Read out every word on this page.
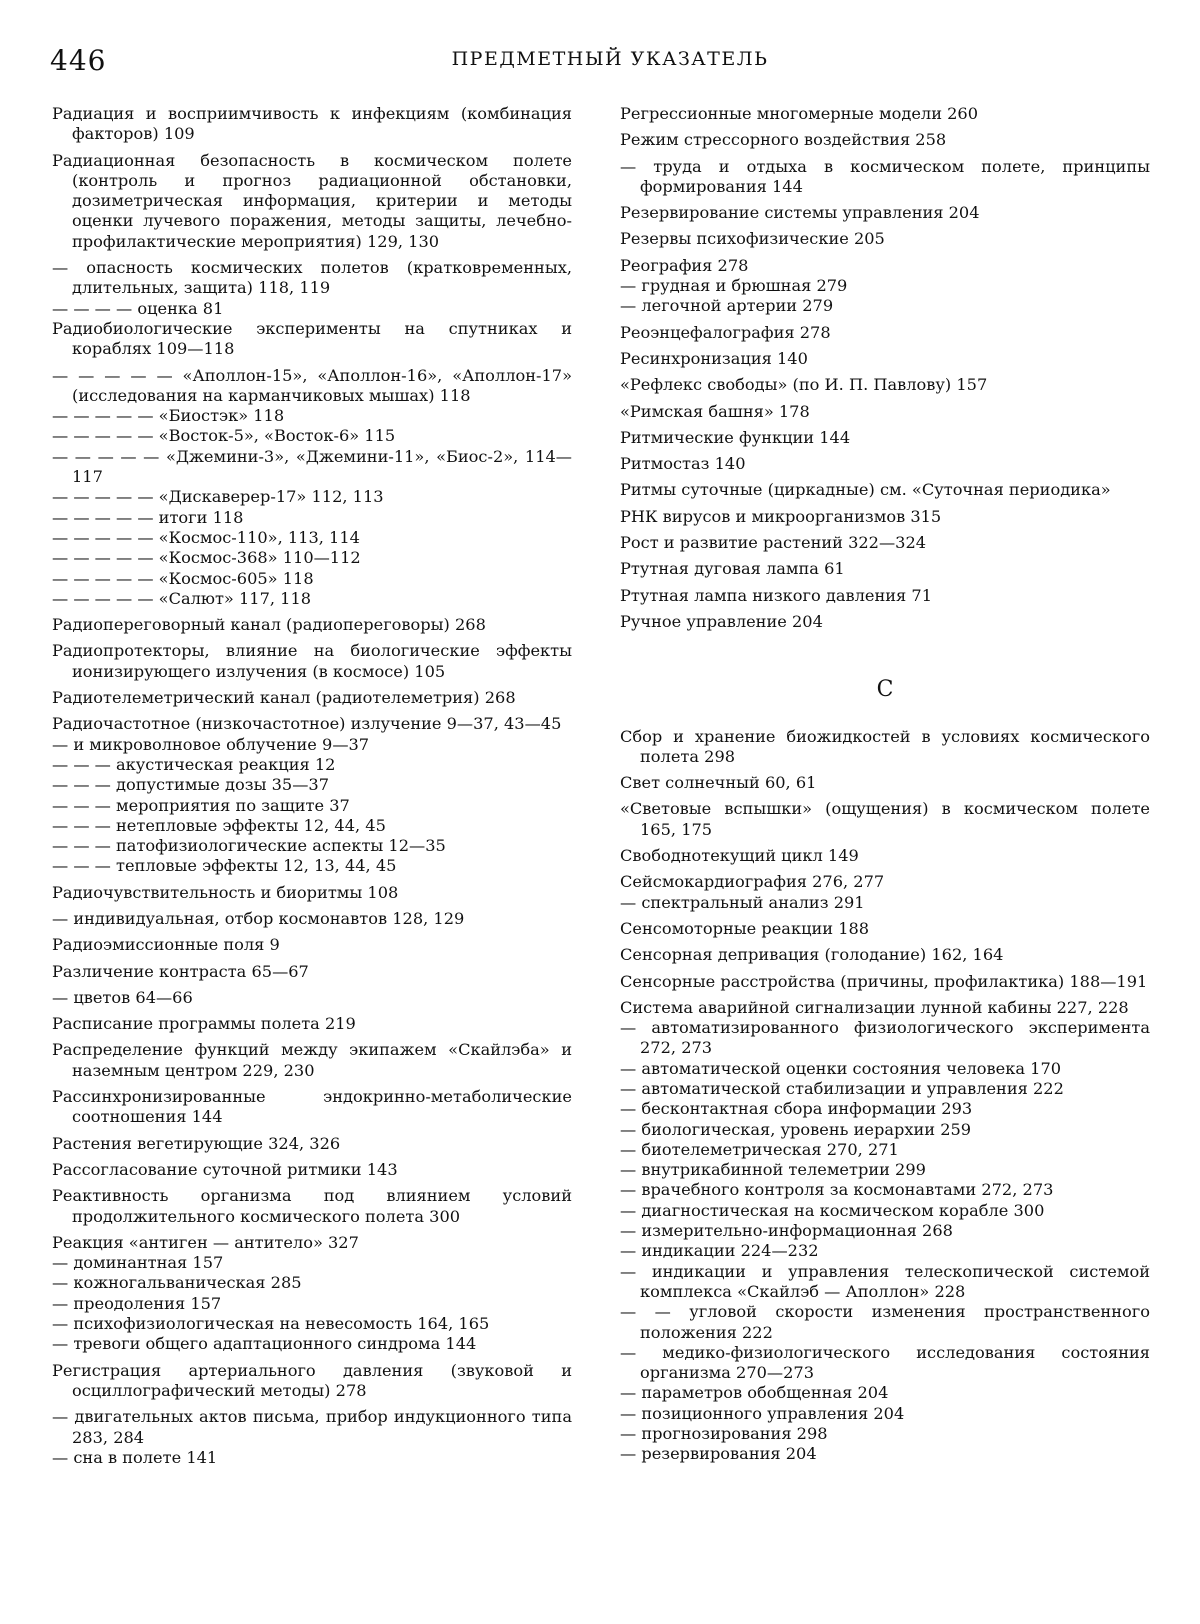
446	ПРЕДМЕТНЫЙ УКАЗАТЕЛЬ
Радиация и восприимчивость к инфекциям (комбинация факторов) 109
Радиационная безопасность в космическом полете (контроль и прогноз радиационной обстановки, дозиметрическая информация, критерии и методы оценки лучевого поражения, методы защиты, лечебно-профилактические мероприятия) 129, 130
— опасность космических полетов (кратковременных, длительных, защита) 118, 119
— — — — оценка 81
Радиобиологические эксперименты на спутниках и кораблях 109—118
— — — — — «Аполлон-15», «Аполлон-16», «Аполлон-17» (исследования на карманчиковых мышах) 118
— — — — — «Биостэк» 118
— — — — — «Восток-5», «Восток-6» 115
— — — — — «Джемини-3», «Джемини-11», «Биос-2», 114—117
— — — — — «Дискаверер-17» 112, 113
— — — — — итоги 118
— — — — — «Космос-110», 113, 114
— — — — — «Космос-368» 110—112
— — — — — «Космос-605» 118
— — — — — «Салют» 117, 118
Радиопереговорный канал (радиопереговоры) 268
Радиопротекторы, влияние на биологические эффекты ионизирующего излучения (в космосе) 105
Радиотелеметрический канал (радиотелеметрия) 268
Радиочастотное (низкочастотное) излучение 9—37, 43—45
— и микроволновое облучение 9—37
— — — акустическая реакция 12
— — — допустимые дозы 35—37
— — — мероприятия по защите 37
— — — нетепловые эффекты 12, 44, 45
— — — патофизиологические аспекты 12—35
— — — тепловые эффекты 12, 13, 44, 45
Радиочувствительность и биоритмы 108
— индивидуальная, отбор космонавтов 128, 129
Радиоэмиссионные поля 9
Различение контраста 65—67
— цветов 64—66
Расписание программы полета 219
Распределение функций между экипажем «Скайлэба» и наземным центром 229, 230
Рассинхронизированные эндокринно-метаболические соотношения 144
Растения вегетирующие 324, 326
Рассогласование суточной ритмики 143
Реактивность организма под влиянием условий продолжительного космического полета 300
Реакция «антиген — антитело» 327
— доминантная 157
— кожногальваническая 285
— преодоления 157
— психофизиологическая на невесомость 164, 165
— тревоги общего адаптационного синдрома 144
Регистрация артериального давления (звуковой и осциллографический методы) 278
— двигательных актов письма, прибор индукционного типа 283, 284
— сна в полете 141
Регрессионные многомерные модели 260
Режим стрессорного воздействия 258
— труда и отдыха в космическом полете, принципы формирования 144
Резервирование системы управления 204
Резервы психофизические 205
Реография 278
— грудная и брюшная 279
— легочной артерии 279
Реоэнцефалография 278
Ресинхронизация 140
«Рефлекс свободы» (по И. П. Павлову) 157
«Римская башня» 178
Ритмические функции 144
Ритмостаз 140
Ритмы суточные (циркадные) см. «Суточная периодика»
РНК вирусов и микроорганизмов 315
Рост и развитие растений 322—324
Ртутная дуговая лампа 61
Ртутная лампа низкого давления 71
Ручное управление 204
С
Сбор и хранение биожидкостей в условиях космического полета 298
Свет солнечный 60, 61
«Световые вспышки» (ощущения) в космическом полете 165, 175
Свободнотекущий цикл 149
Сейсмокардиография 276, 277
— спектральный анализ 291
Сенсомоторные реакции 188
Сенсорная депривация (голодание) 162, 164
Сенсорные расстройства (причины, профилактика) 188—191
Система аварийной сигнализации лунной кабины 227, 228
— автоматизированного физиологического эксперимента 272, 273
— автоматической оценки состояния человека 170
— автоматической стабилизации и управления 222
— бесконтактная сбора информации 293
— биологическая, уровень иерархии 259
— биотелеметрическая 270, 271
— внутрикабинной телеметрии 299
— врачебного контроля за космонавтами 272, 273
— диагностическая на космическом корабле 300
— измерительно-информационная 268
— индикации 224—232
— индикации и управления телескопической системой комплекса «Скайлэб — Аполлон» 228
— — угловой скорости изменения пространственного положения 222
— медико-физиологического исследования состояния организма 270—273
— параметров обобщенная 204
— позиционного управления 204
— прогнозирования 298
— резервирования 204
